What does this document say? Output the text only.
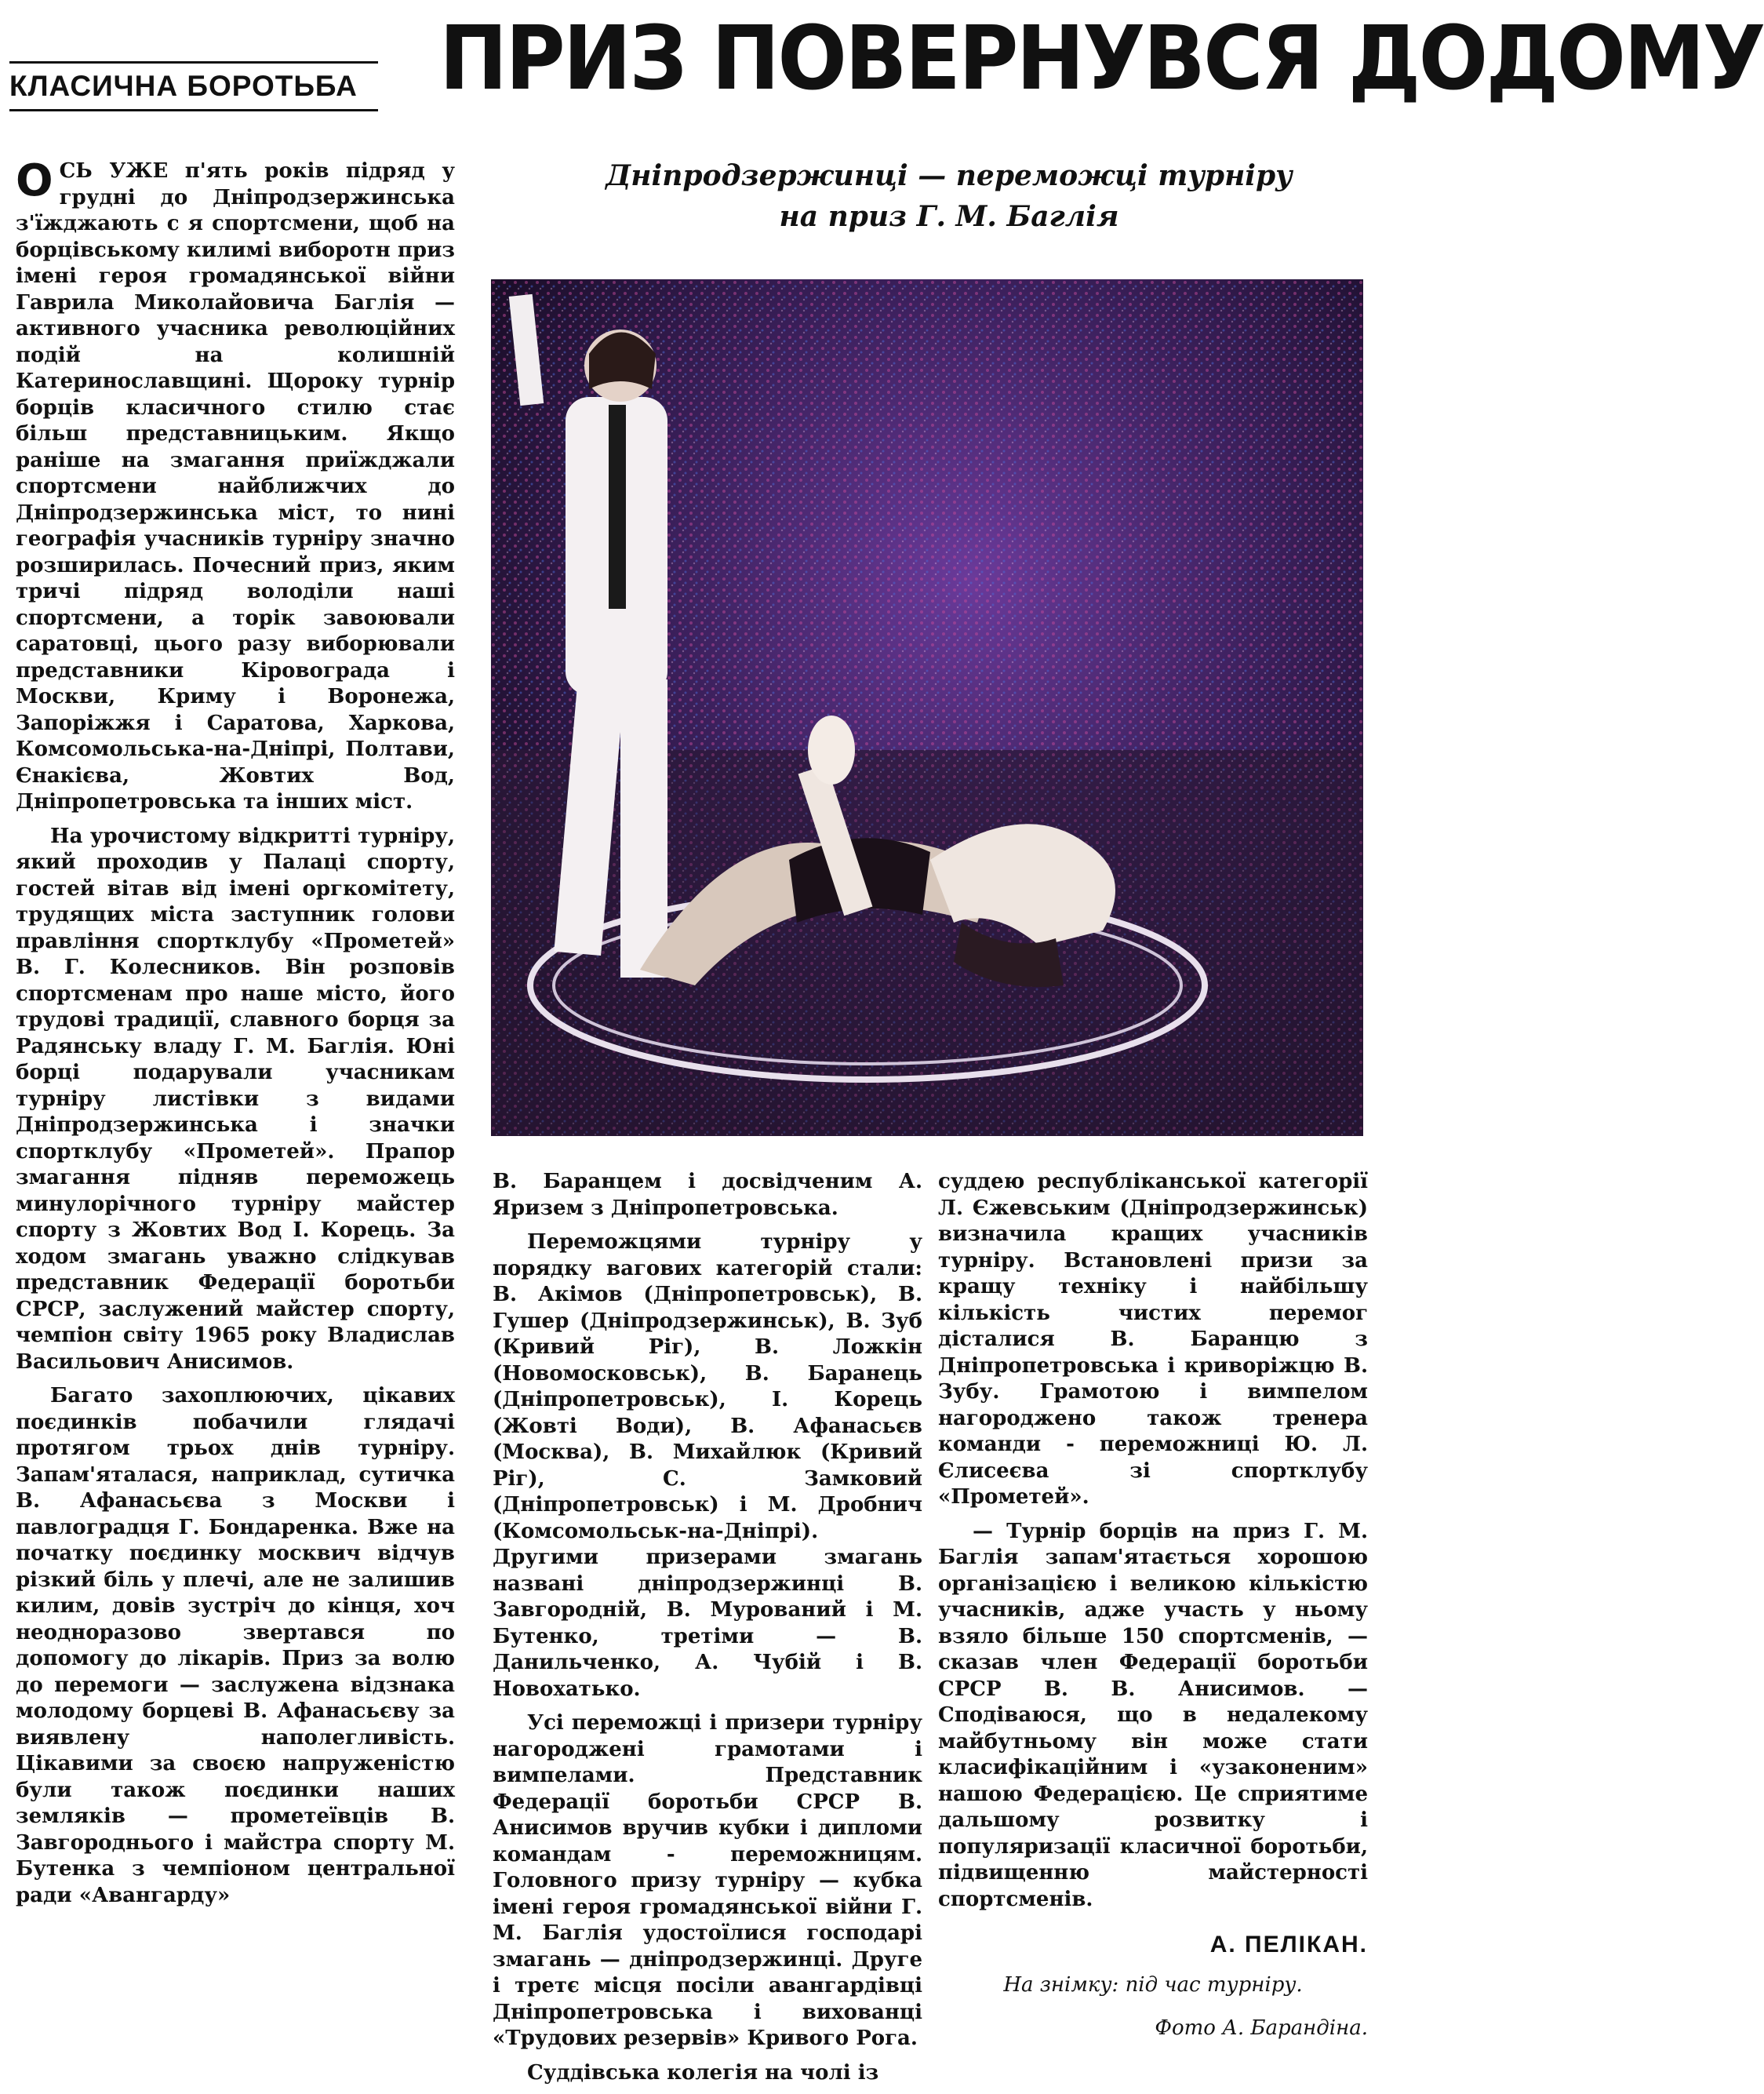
КЛАСИЧНА БОРОТЬБА ПРИЗ ПОВЕРНУВСЯ ДОДОМУ
Дніпродзержинці — переможці турніру
на приз Г. М. Баглія

ОСЬ УЖЕ п'ять років підряд у грудні до Дніпродзержинська з'їжджають с я спортсмени, щоб на борцівському килимі виборотн приз імені героя громадянської війни Гаврила Миколайовича Баглія — активного учасника революційних подій на колишній Катеринославщині. Щороку турнір борців класичного стилю стає більш представницьким. Якщо раніше на змагання приїжджали спортсмени найближчих до Дніпродзержинська міст, то нині географія учасників турніру значно розширилась. Почесний приз, яким тричі підряд володіли наші спортсмени, а торік завоювали саратовці, цього разу виборювали представники Кіровограда і Москви, Криму і Воронежа, Запоріжжя і Саратова, Харкова, Комсомольська-на-Дніпрі, Полтави, Єнакієва, Жовтих Вод, Дніпропетровська та інших міст.

На урочистому відкритті турніру, який проходив у Палаці спорту, гостей вітав від імені оргкомітету, трудящих міста заступник голови правління спортклубу «Прометей» В. Г. Колесников. Він розповів спортсменам про наше місто, його трудові традиції, славного борця за Радянську владу Г. М. Баглія. Юні борці подарували учасникам турніру листівки з видами Дніпродзержинська і значки спортклубу «Прометей». Прапор змагання підняв переможець минулорічного турніру майстер спорту з Жовтих Вод І. Корець. За ходом змагань уважно слідкував представник Федерації боротьби СРСР, заслужений майстер спорту, чемпіон світу 1965 року Владислав Васильович Анисимов.

Багато захоплюючих, цікавих поєдинків побачили глядачі протягом трьох днів турніру. Запам'яталася, наприклад, сутичка В. Афанасьєва з Москви і павлоградця Г. Бондаренка. Вже на початку поєдинку москвич відчув різкий біль у плечі, але не залишив килим, довів зустріч до кінця, хоч неодноразово звертався по допомогу до лікарів. Приз за волю до перемоги — заслужена відзнака молодому борцеві В. Афанасьєву за виявлену наполегливість. Цікавими за своєю напруженістю були також поєдинки наших земляків — прометеївців В. Завгороднього і майстра спорту М. Бутенка з чемпіоном центральної ради «Авангарду»

В. Баранцем і досвідченим А. Яризем з Дніпропетровська.

Переможцями турніру у порядку вагових категорій стали: В. Акімов (Дніпропетровськ), В. Гушер (Дніпродзержинськ), В. Зуб (Кривий Ріг), В. Ложкін (Новомосковськ), В. Баранець (Дніпропетровськ), І. Корець (Жовті Води), В. Афанасьєв (Москва), В. Михайлюк (Кривий Ріг), С. Замковий (Дніпропетровськ) і М. Дробнич (Комсомольськ-на-Дніпрі). Другими призерами змагань названі дніпродзержинці В. Завгородній, В. Мурований і М. Бутенко, третіми — В. Данильченко, А. Чубій і В. Новохатько.

Усі переможці і призери турніру нагороджені грамотами і вимпелами. Представник Федерації боротьби СРСР В. Анисимов вручив кубки і дипломи командам - переможницям. Головного призу турніру — кубка імені героя громадянської війни Г. М. Баглія удостоїлися господарі змагань — дніпродзержинці. Друге і третє місця посіли авангардівці Дніпропетровська і вихованці «Трудових резервів» Кривого Рога.

Суддівська колегія на чолі із

суддею республіканської категорії Л. Єжевським (Дніпродзержинськ) визначила кращих учасників турніру. Встановлені призи за кращу техніку і найбільшу кількість чистих перемог дісталися В. Баранцю з Дніпропетровська і криворіжцю В. Зубу. Грамотою і вимпелом нагороджено також тренера команди - переможниці Ю. Л. Єлисеєва зі спортклубу «Прометей».

— Турнір борців на приз Г. М. Баглія запам'ятається хорошою організацією і великою кількістю учасників, адже участь у ньому взяло більше 150 спортсменів, — сказав член Федерації боротьби СРСР В. В. Анисимов. — Сподіваюся, що в недалекому майбутньому він може стати класифікаційним і «узаконеним» нашою Федерацією. Це сприятиме дальшому розвитку і популяризації класичної боротьби, підвищенню майстерності спортсменів.

А. ПЕЛІКАН.
На знімку: під час турніру.
Фото А. Барандіна.
